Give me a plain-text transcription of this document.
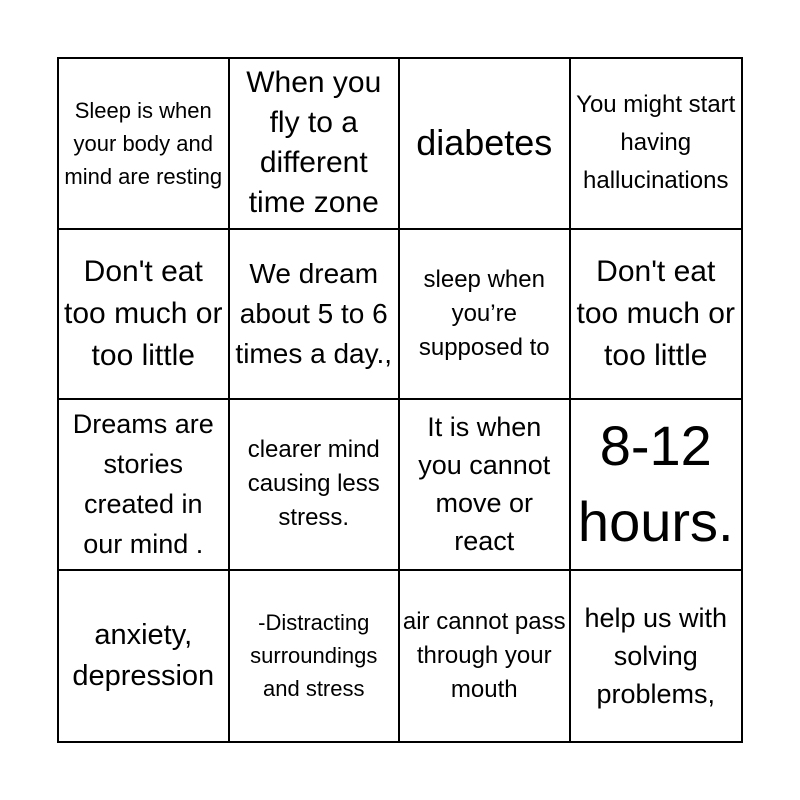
Sleep is when your body and mind are resting
When you fly to a different time zone
diabetes
You might start having hallucinations
Don't eat too much or too little
We dream about 5 to 6 times a day.,
sleep when you’re supposed to
Don't eat too much or too little
Dreams are stories created in our mind .
clearer mind causing less stress.
It is when you cannot move or react
8-12 hours.
anxiety, depression
-Distracting surroundings and stress
air cannot pass through your mouth
help us with solving problems,
